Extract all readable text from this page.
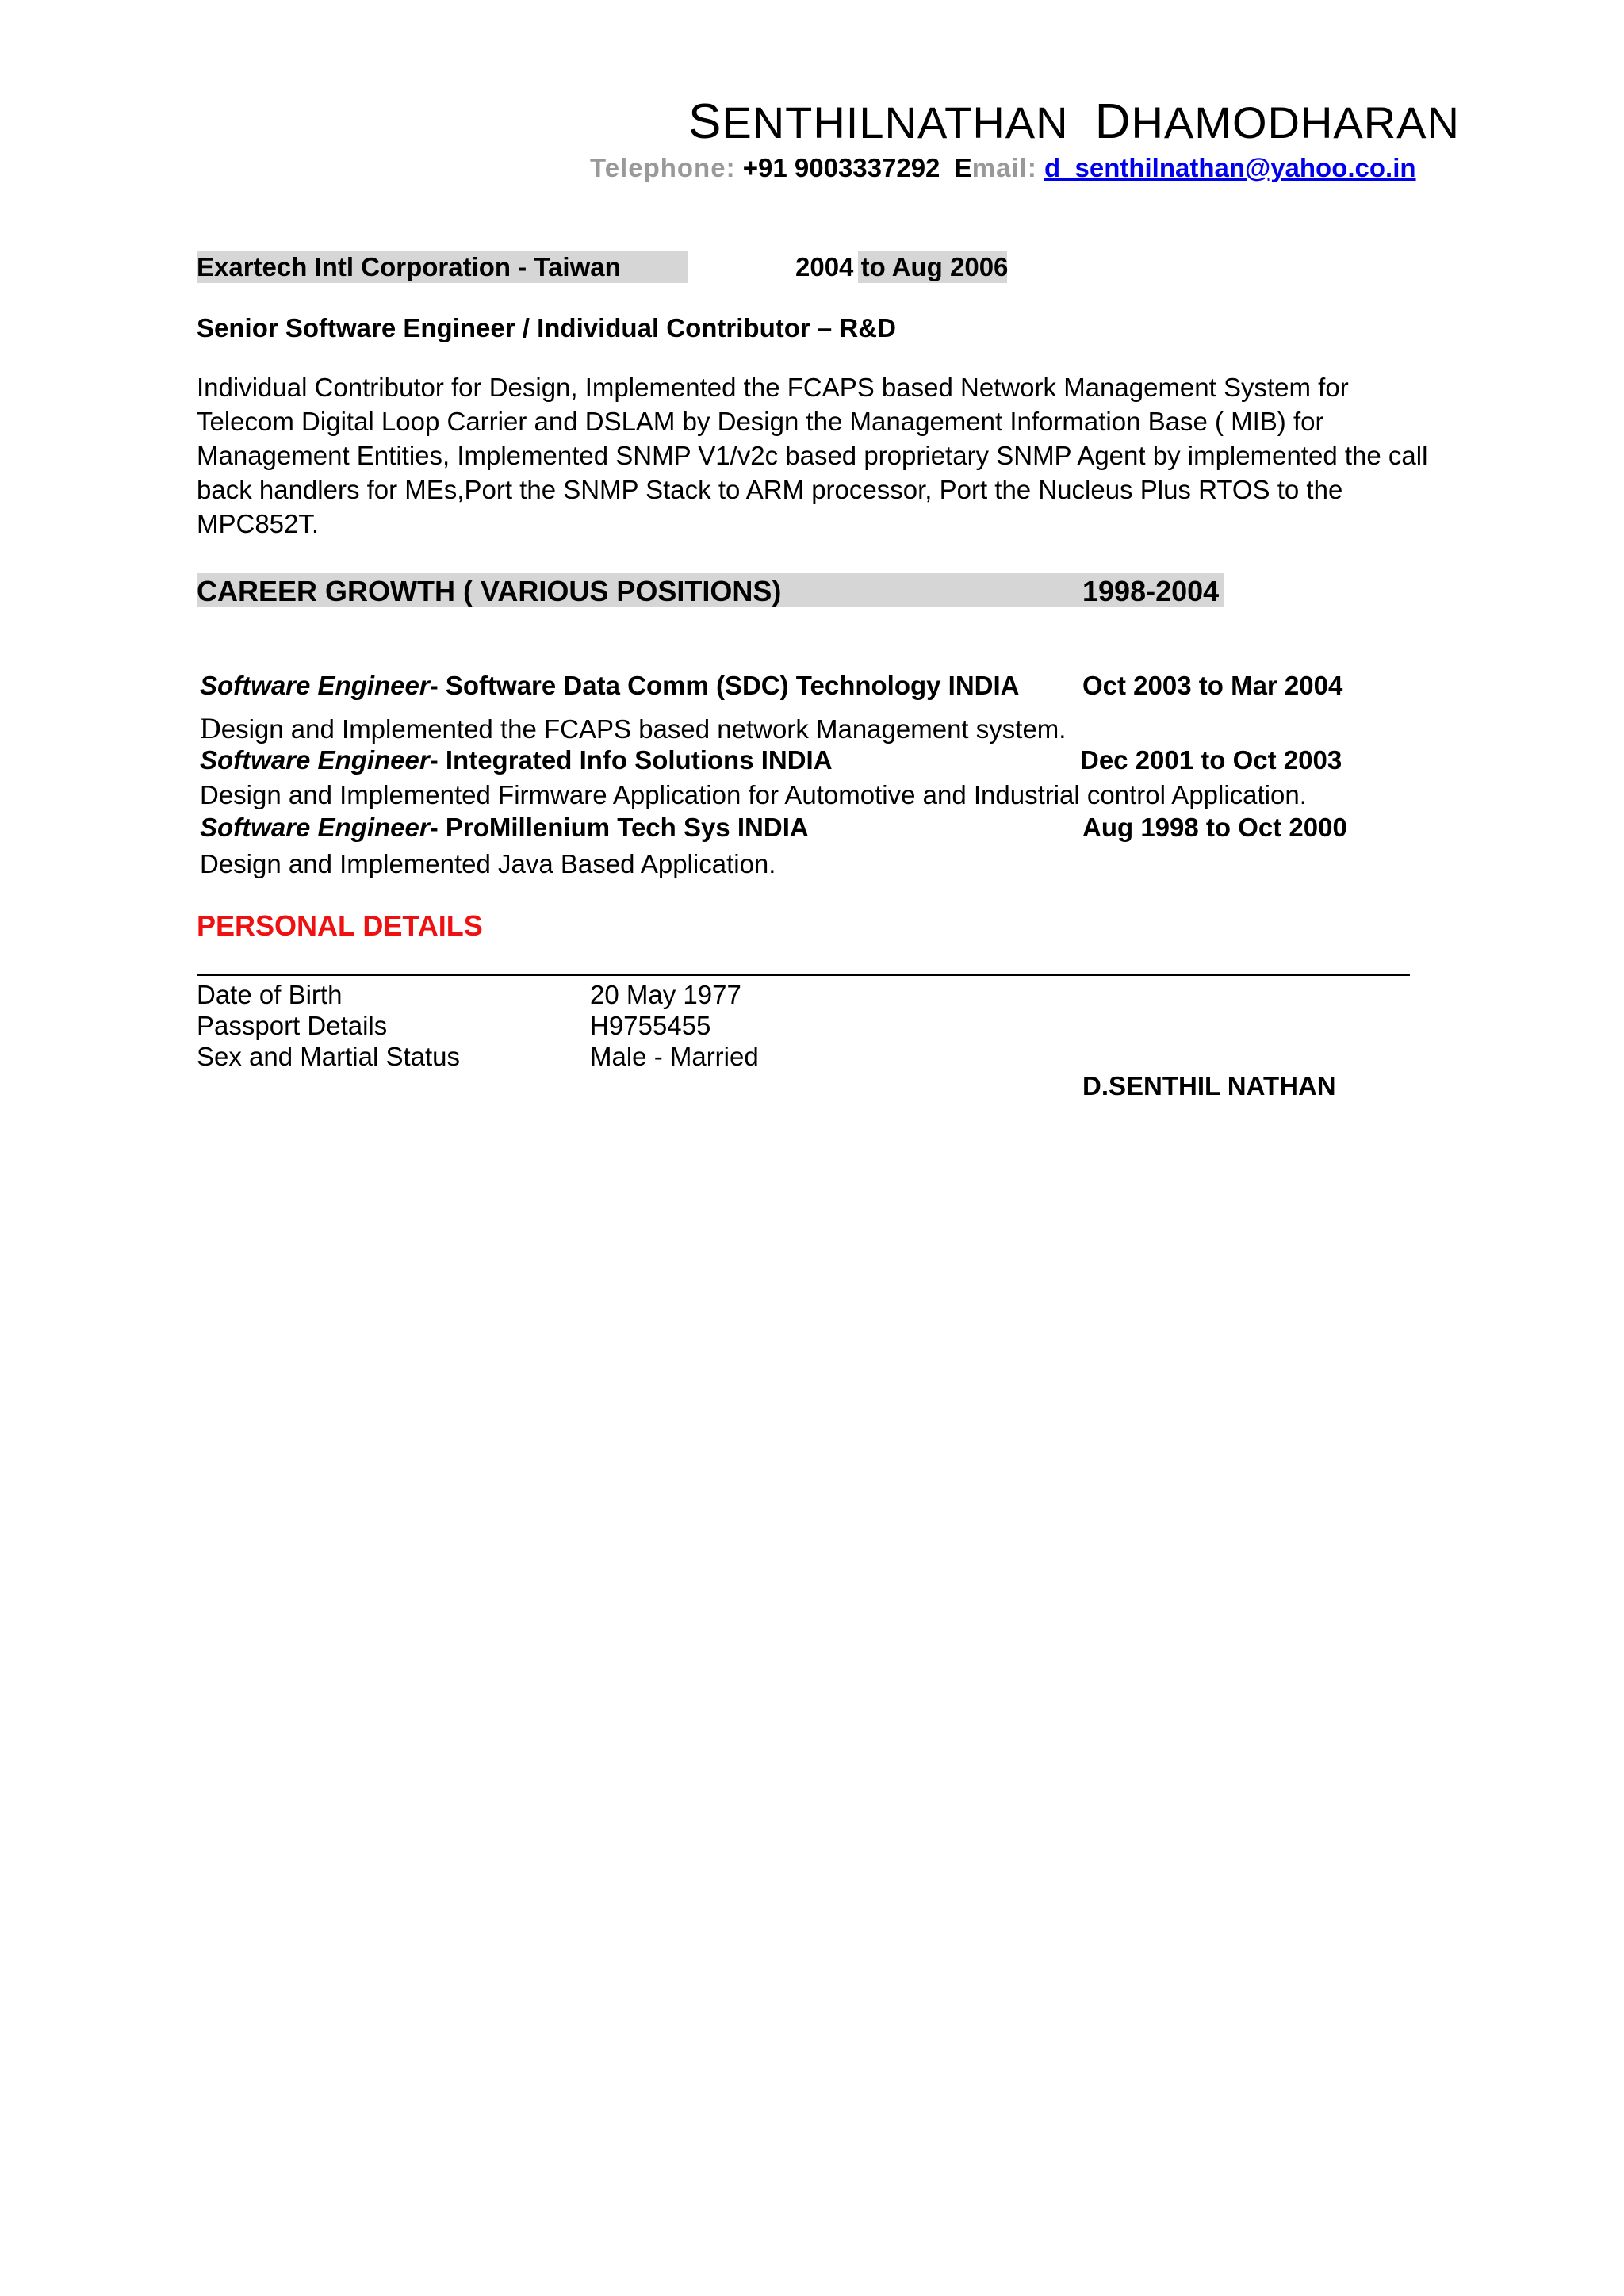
SENTHILNATHAN DHAMODHARAN
Telephone: +91 9003337292 Email: d_senthilnathan@yahoo.co.in
Exartech Intl Corporation - Taiwan	2004 to Aug 2006
Senior Software Engineer / Individual Contributor – R&D
Individual Contributor for Design, Implemented the FCAPS based Network Management System for Telecom Digital Loop Carrier and DSLAM by Design the Management Information Base ( MIB) for Management Entities, Implemented SNMP V1/v2c based proprietary SNMP Agent by implemented the call back handlers for MEs,Port the SNMP Stack to ARM processor, Port the Nucleus Plus RTOS to the MPC852T.
CAREER GROWTH ( VARIOUS POSITIONS)	1998-2004
Software Engineer- Software Data Comm (SDC) Technology INDIA Oct 2003 to Mar 2004
Design and Implemented the FCAPS based network Management system.
Software Engineer- Integrated Info Solutions INDIA	Dec 2001 to Oct 2003
Design and Implemented Firmware Application for Automotive and Industrial control Application.
Software Engineer- ProMillenium Tech Sys INDIA	Aug 1998 to Oct 2000
Design and Implemented Java Based Application.
PERSONAL DETAILS
Date of Birth	20 May 1977
Passport Details	H9755455
Sex and Martial Status	Male - Married
D.SENTHIL NATHAN
